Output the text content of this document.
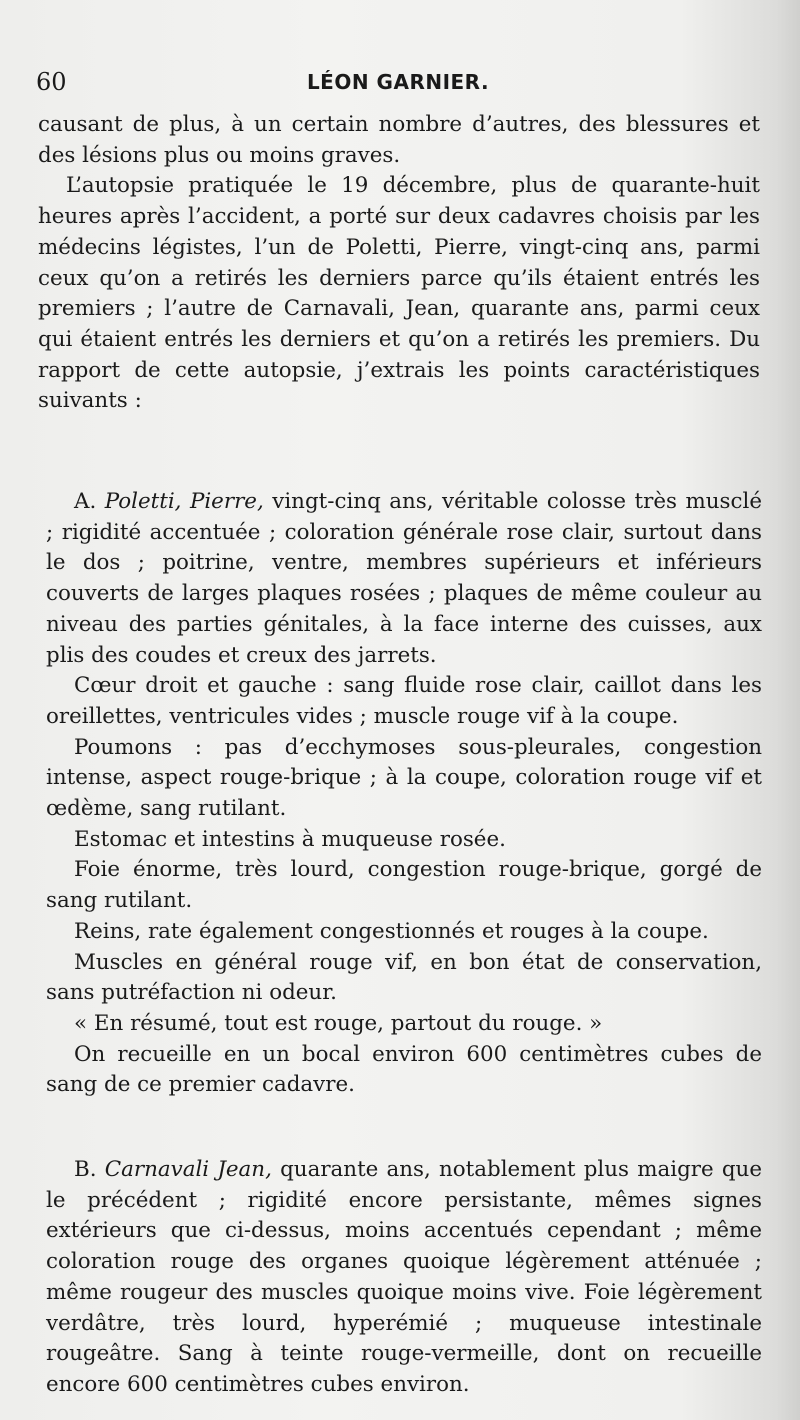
60	LÉON GARNIER.

causant de plus, à un certain nombre d’autres, des blessures et des lésions plus ou moins graves.

L’autopsie pratiquée le 19 décembre, plus de quarante-huit heures après l’accident, a porté sur deux cadavres choisis par les médecins légistes, l’un de Poletti, Pierre, vingt-cinq ans, parmi ceux qu’on a retirés les derniers parce qu’ils étaient entrés les premiers ; l’autre de Carnavali, Jean, quarante ans, parmi ceux qui étaient entrés les derniers et qu’on a retirés les premiers. Du rapport de cette autopsie, j’extrais les points caractéristiques suivants :

A. Poletti, Pierre, vingt-cinq ans, véritable colosse très musclé ; rigidité accentuée ; coloration générale rose clair, surtout dans le dos ; poitrine, ventre, membres supérieurs et inférieurs couverts de larges plaques rosées ; plaques de même couleur au niveau des parties génitales, à la face interne des cuisses, aux plis des coudes et creux des jarrets.

Cœur droit et gauche : sang fluide rose clair, caillot dans les oreillettes, ventricules vides ; muscle rouge vif à la coupe.

Poumons : pas d’ecchymoses sous-pleurales, congestion intense, aspect rouge-brique ; à la coupe, coloration rouge vif et œdème, sang rutilant.

Estomac et intestins à muqueuse rosée.

Foie énorme, très lourd, congestion rouge-brique, gorgé de sang rutilant.

Reins, rate également congestionnés et rouges à la coupe.

Muscles en général rouge vif, en bon état de conservation, sans putréfaction ni odeur.

« En résumé, tout est rouge, partout du rouge. »

On recueille en un bocal environ 600 centimètres cubes de sang de ce premier cadavre.

B. Carnavali Jean, quarante ans, notablement plus maigre que le précédent ; rigidité encore persistante, mêmes signes extérieurs que ci-dessus, moins accentués cependant ; même coloration rouge des organes quoique légèrement atténuée ; même rougeur des muscles quoique moins vive. Foie légèrement verdâtre, très lourd, hyperémié ; muqueuse intestinale rougeâtre. Sang à teinte rouge-vermeille, dont on recueille encore 600 centimètres cubes environ.
